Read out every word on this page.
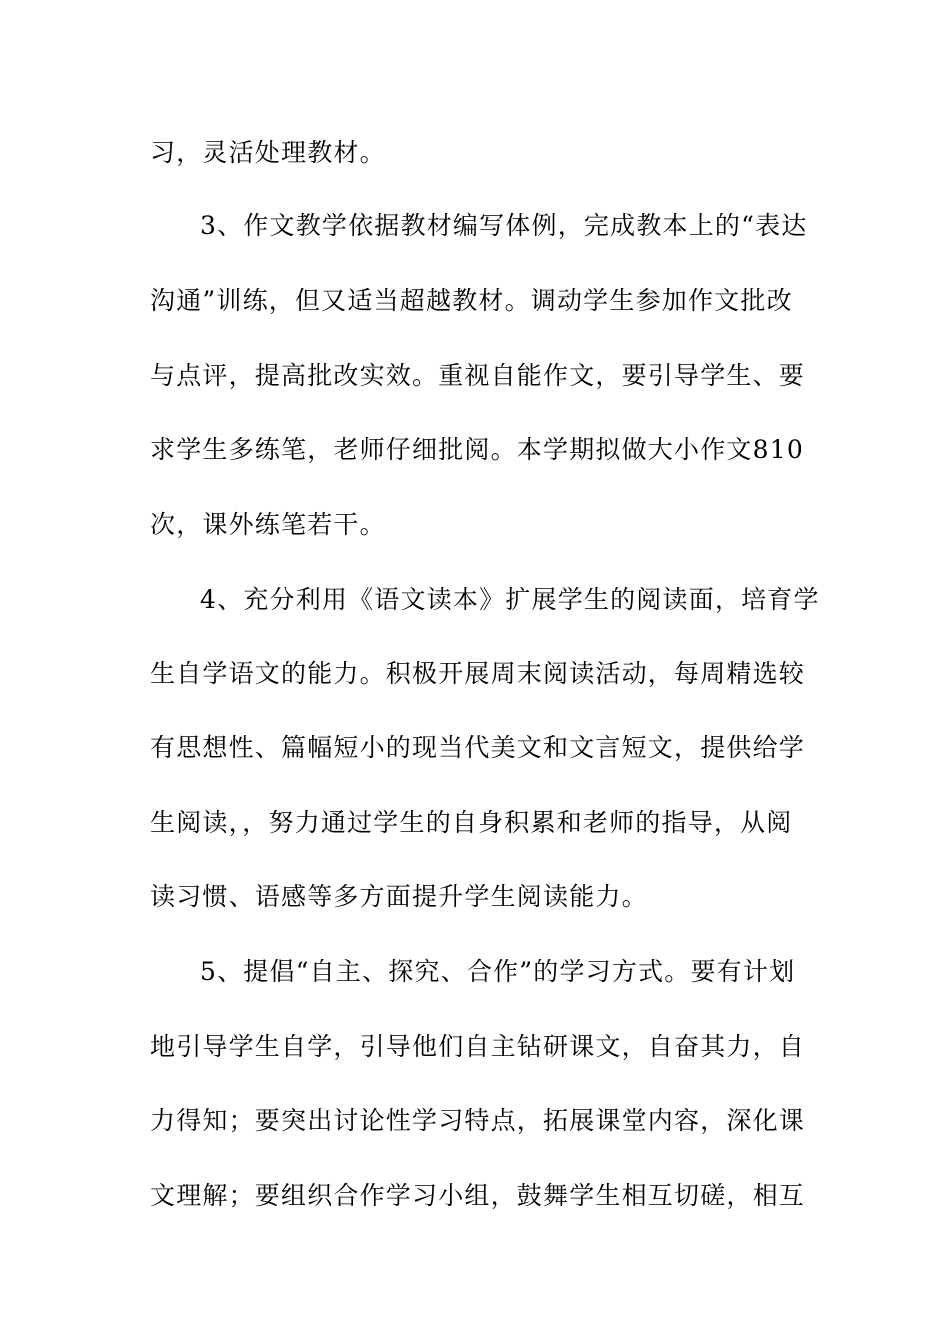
习，灵活处理教材。
3、作文教学依据教材编写体例，完成教本上的“表达
沟通”训练，但又适当超越教材。调动学生参加作文批改
与点评，提高批改实效。重视自能作文，要引导学生、要
求学生多练笔，老师仔细批阅。本学期拟做大小作文810
次，课外练笔若干。
4、充分利用《语文读本》扩展学生的阅读面，培育学
生自学语文的能力。积极开展周末阅读活动，每周精选较
有思想性、篇幅短小的现当代美文和文言短文，提供给学
生阅读，，努力通过学生的自身积累和老师的指导，从阅
读习惯、语感等多方面提升学生阅读能力。
5、提倡“自主、探究、合作”的学习方式。要有计划
地引导学生自学，引导他们自主钻研课文，自奋其力，自
力得知；要突出讨论性学习特点，拓展课堂内容，深化课
文理解；要组织合作学习小组，鼓舞学生相互切磋，相互
